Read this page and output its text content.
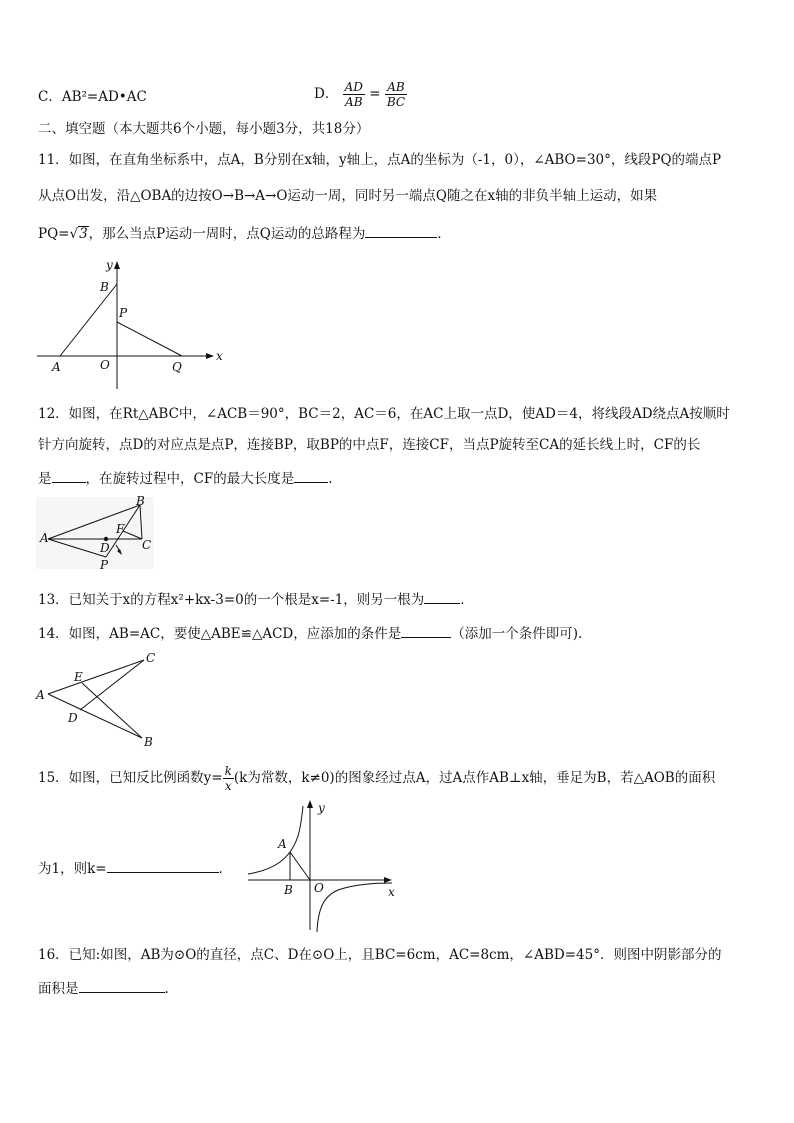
C．AB²=AD•AC	D． $\frac{AD}{AB} = \frac{AB}{BC}$
二、填空题（本大题共6个小题，每小题3分，共18分）
11．如图，在直角坐标系中，点A，B分别在x轴，y轴上，点A的坐标为（-1，0），∠ABO=30°，线段PQ的端点P
从点O出发，沿△OBA的边按O→B→A→O运动一周，同时另一端点Q随之在x轴的非负半轴上运动，如果
PQ=√3，那么当点P运动一周时，点Q运动的总路程为	．
y
x
B
P
A	O	Q
12．如图，在Rt△ABC中，∠ACB＝90°，BC＝2，AC＝6，在AC上取一点D，使AD＝4，将线段AD绕点A按顺时
针方向旋转，点D的对应点是点P，连接BP，取BP的中点F，连接CF，当点P旋转至CA的延长线上时，CF的长
是	，在旋转过程中，CF的最大长度是	.
A
B
C
D
F
P
13．已知关于x的方程x²+kx-3=0的一个根是x=-1，则另一根为	．
14．如图，AB=AC，要使△ABE≌△ACD，应添加的条件是	（添加一个条件即可).
A
C
B
E
D
15．如图，已知反比例函数$y= \frac{k}{x} (k$为常数，k≠0)的图象经过点A，过A点作AB⊥x轴，垂足为B，若△AOB的面积
为1，则k=	．
A
B O
y
x
16．已知:如图，AB为⊙O的直径，点C、D在⊙O上，且BC=6cm，AC=8cm，∠ABD=45°．则图中阴影部分的
面积是	.
